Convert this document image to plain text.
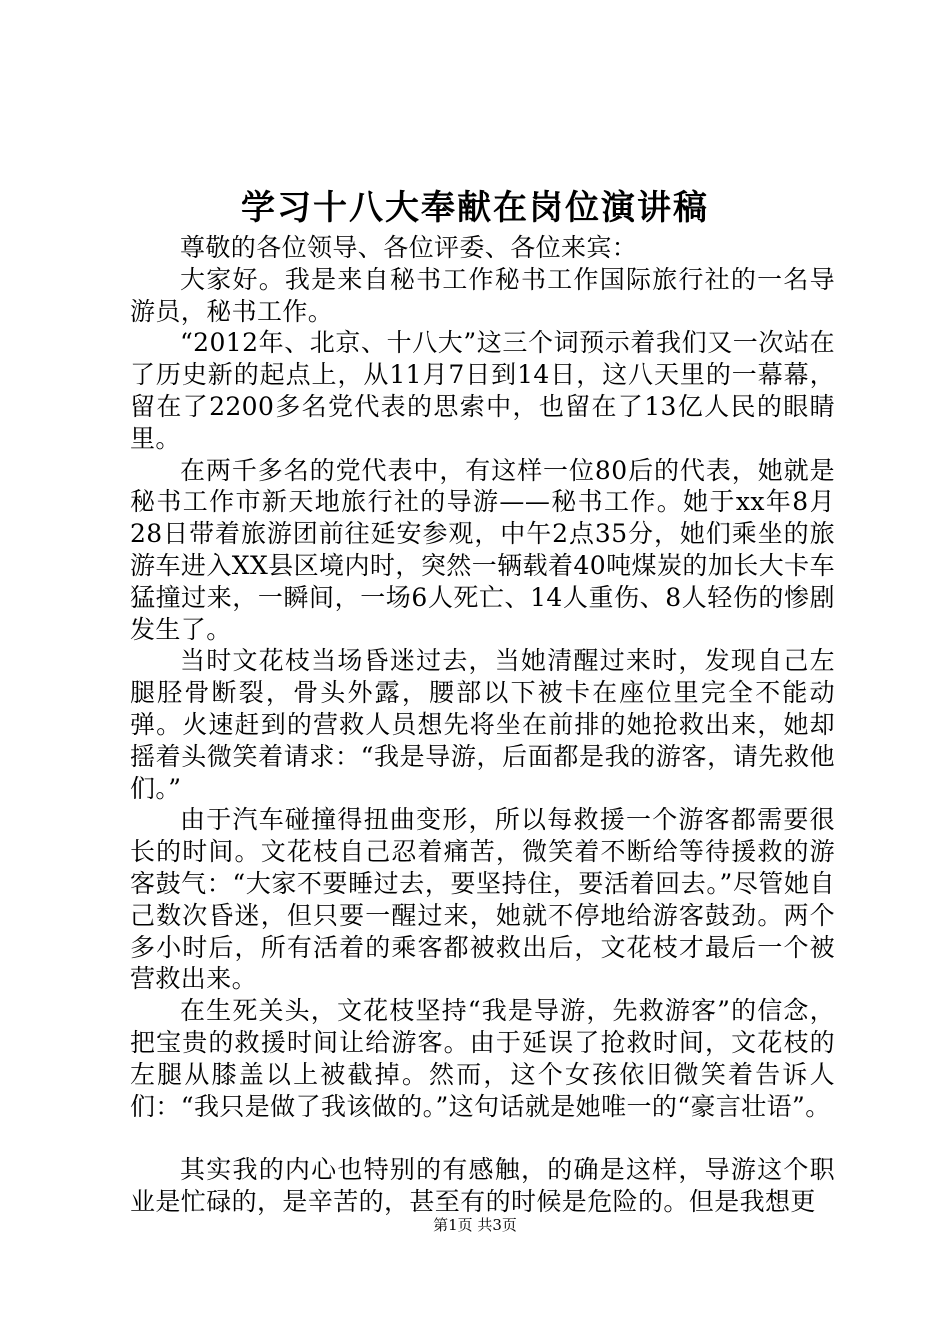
学习十八大奉献在岗位演讲稿

尊敬的各位领导、各位评委、各位来宾：

大家好。我是来自秘书工作秘书工作国际旅行社的一名导游员，秘书工作。

“2012年、北京、十八大”这三个词预示着我们又一次站在了历史新的起点上，从11月7日到14日，这八天里的一幕幕，留在了2200多名党代表的思索中，也留在了13亿人民的眼睛里。

在两千多名的党代表中，有这样一位80后的代表，她就是秘书工作市新天地旅行社的导游——秘书工作。她于xx年8月28日带着旅游团前往延安参观，中午2点35分，她们乘坐的旅游车进入XX县区境内时，突然一辆载着40吨煤炭的加长大卡车猛撞过来，一瞬间，一场6人死亡、14人重伤、8人轻伤的惨剧发生了。

当时文花枝当场昏迷过去，当她清醒过来时，发现自己左腿胫骨断裂，骨头外露，腰部以下被卡在座位里完全不能动弹。火速赶到的营救人员想先将坐在前排的她抢救出来，她却摇着头微笑着请求：“我是导游，后面都是我的游客，请先救他们。”

由于汽车碰撞得扭曲变形，所以每救援一个游客都需要很长的时间。文花枝自己忍着痛苦，微笑着不断给等待援救的游客鼓气：“大家不要睡过去，要坚持住，要活着回去。”尽管她自己数次昏迷，但只要一醒过来，她就不停地给游客鼓劲。两个多小时后，所有活着的乘客都被救出后，文花枝才最后一个被营救出来。

在生死关头，文花枝坚持“我是导游，先救游客”的信念，把宝贵的救援时间让给游客。由于延误了抢救时间，文花枝的左腿从膝盖以上被截掉。然而，这个女孩依旧微笑着告诉人们：“我只是做了我该做的。”这句话就是她唯一的“豪言壮语”。

其实我的内心也特别的有感触，的确是这样，导游这个职业是忙碌的，是辛苦的，甚至有的时候是危险的。但是我想更

第1页 共3页
